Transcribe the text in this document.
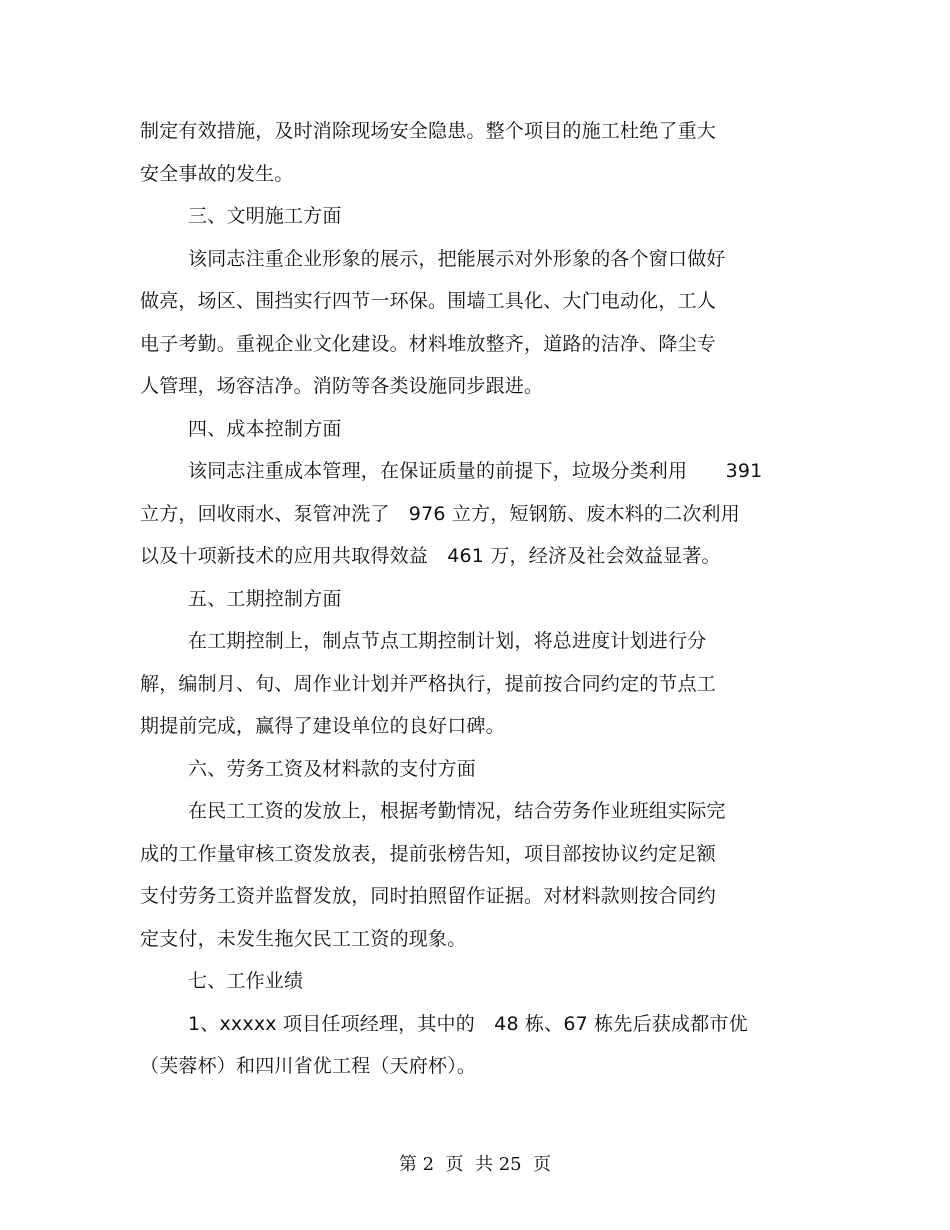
制定有效措施，及时消除现场安全隐患。整个项目的施工杜绝了重大
安全事故的发生。
三、文明施工方面
该同志注重企业形象的展示，把能展示对外形象的各个窗口做好
做亮，场区、围挡实行四节一环保。围墙工具化、大门电动化，工人
电子考勤。重视企业文化建设。材料堆放整齐，道路的洁净、降尘专
人管理，场容洁净。消防等各类设施同步跟进。
四、成本控制方面
该同志注重成本管理，在保证质量的前提下，垃圾分类利用　　391
立方，回收雨水、泵管冲洗了　976 立方，短钢筋、废木料的二次利用
以及十项新技术的应用共取得效益　461 万，经济及社会效益显著。
五、工期控制方面
在工期控制上，制点节点工期控制计划，将总进度计划进行分
解，编制月、旬、周作业计划并严格执行，提前按合同约定的节点工
期提前完成，赢得了建设单位的良好口碑。
六、劳务工资及材料款的支付方面
在民工工资的发放上，根据考勤情况，结合劳务作业班组实际完
成的工作量审核工资发放表，提前张榜告知，项目部按协议约定足额
支付劳务工资并监督发放，同时拍照留作证据。对材料款则按合同约
定支付，未发生拖欠民工工资的现象。
七、工作业绩
1、xxxxx 项目任项经理，其中的　48 栋、67 栋先后获成都市优
（芙蓉杯）和四川省优工程（天府杯）。
第 2  页  共 25  页
